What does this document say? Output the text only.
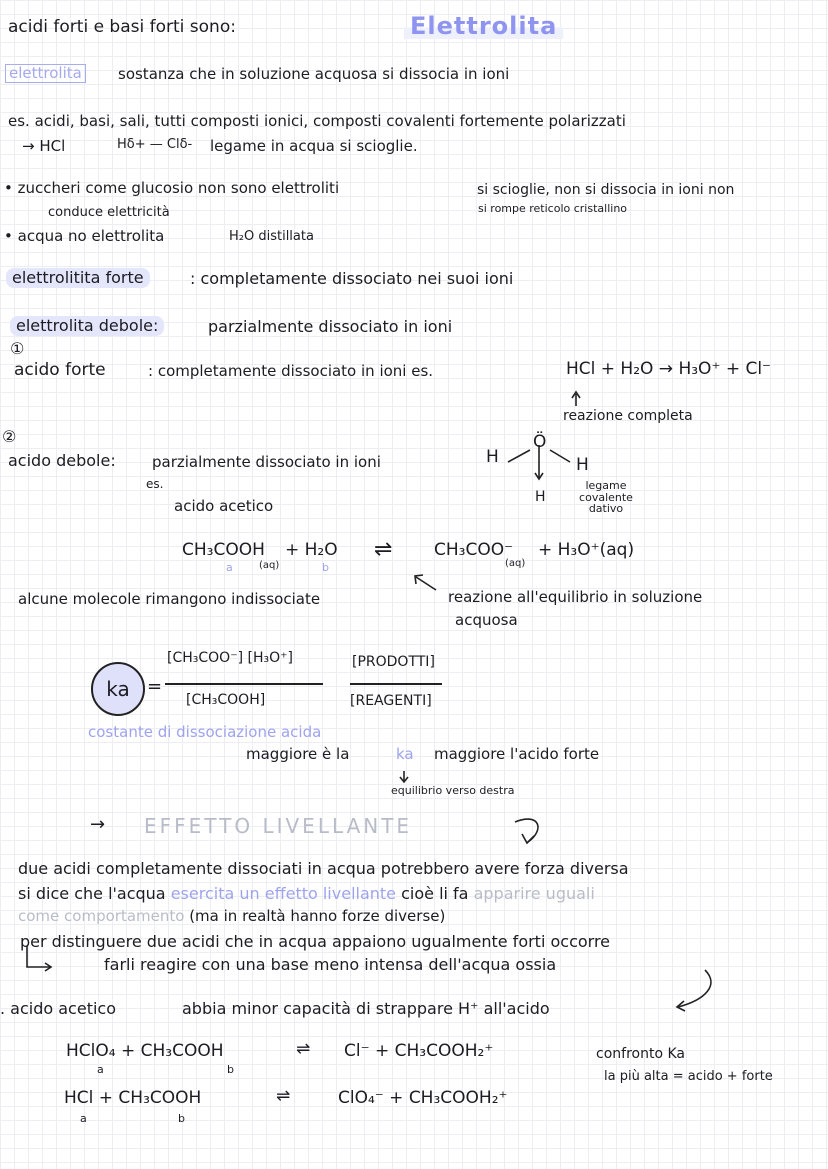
acidi forti e basi forti sono:	Elettrolita
elettrolita sostanza che in soluzione acquosa si dissocia in ioni
es. acidi, basi, sali, tutti composti ionici, composti covalenti fortemente polarizzati
→ HCl	Hδ+ — Clδ- legame in acqua si scioglie.
• zuccheri come glucosio non sono elettroliti
conduce elettricità
si scioglie, non si dissocia in ioni non
si rompe reticolo cristallino
• acqua no elettrolita	H₂O distillata
elettrolitita forte	: completamente dissociato nei suoi ioni
elettrolita debole:	parzialmente dissociato in ioni
①
acido forte	: completamente dissociato in ioni es.	HCl + H₂O → H₃O⁺ + Cl⁻
reazione completa
②
acido debole: parzialmente dissociato in ioni
es.
acido acetico
H
Ö
H
H
legame covalente dativo
CH₃COOH
(aq)
+ H₂O ⇌ CH₃COO⁻
(aq)
+ H₃O⁺(aq)
a	b
alcune molecole rimangono indissociate	reazione all'equilibrio in soluzione
acquosa
ka =
[CH₃COO⁻] [H₃O⁺]
[CH₃COOH]
[PRODOTTI]
[REAGENTI]
costante di dissociazione acida
maggiore è la	ka maggiore l'acido forte
equilibrio verso destra
→ EFFETTO LIVELLANTE
due acidi completamente dissociati in acqua potrebbero avere forza diversa
si dice che l'acqua esercita un effetto livellante cioè li fa apparire uguali
come comportamento (ma in realtà hanno forze diverse)
per distinguere due acidi che in acqua appaiono ugualmente forti occorre
farli reagire con una base meno intensa dell'acqua ossia
. acido acetico	abbia minor capacità di strappare H⁺ all'acido
HClO₄ + CH₃COOH	⇌ Cl⁻ + CH₃COOH₂⁺
a	b
HCl + CH₃COOH	⇌	ClO₄⁻ + CH₃COOH₂⁺
a	b
confronto Ka
la più alta = acido + forte
